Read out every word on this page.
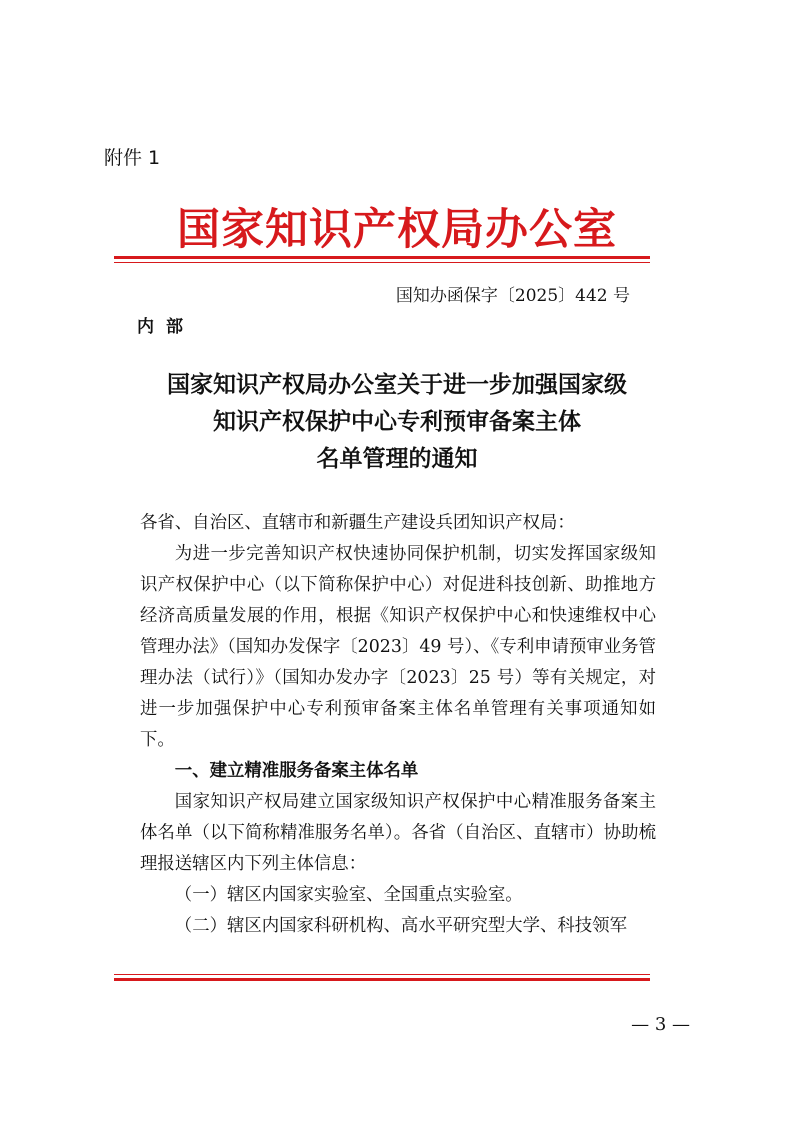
附件 1
国家知识产权局办公室
国知办函保字〔2025〕442 号
内部
国家知识产权局办公室关于进一步加强国家级
知识产权保护中心专利预审备案主体
名单管理的通知

各省、自治区、直辖市和新疆生产建设兵团知识产权局：

为进一步完善知识产权快速协同保护机制，切实发挥国家级知识产权保护中心（以下简称保护中心）对促进科技创新、助推地方经济高质量发展的作用，根据《知识产权保护中心和快速维权中心管理办法》（国知办发保字〔2023〕49 号）、《专利申请预审业务管理办法（试行）》（国知办发办字〔2023〕25 号）等有关规定，对进一步加强保护中心专利预审备案主体名单管理有关事项通知如下。

一、建立精准服务备案主体名单

国家知识产权局建立国家级知识产权保护中心精准服务备案主体名单（以下简称精准服务名单）。各省（自治区、直辖市）协助梳理报送辖区内下列主体信息：

（一）辖区内国家实验室、全国重点实验室。

（二）辖区内国家科研机构、高水平研究型大学、科技领军

— 3 —
